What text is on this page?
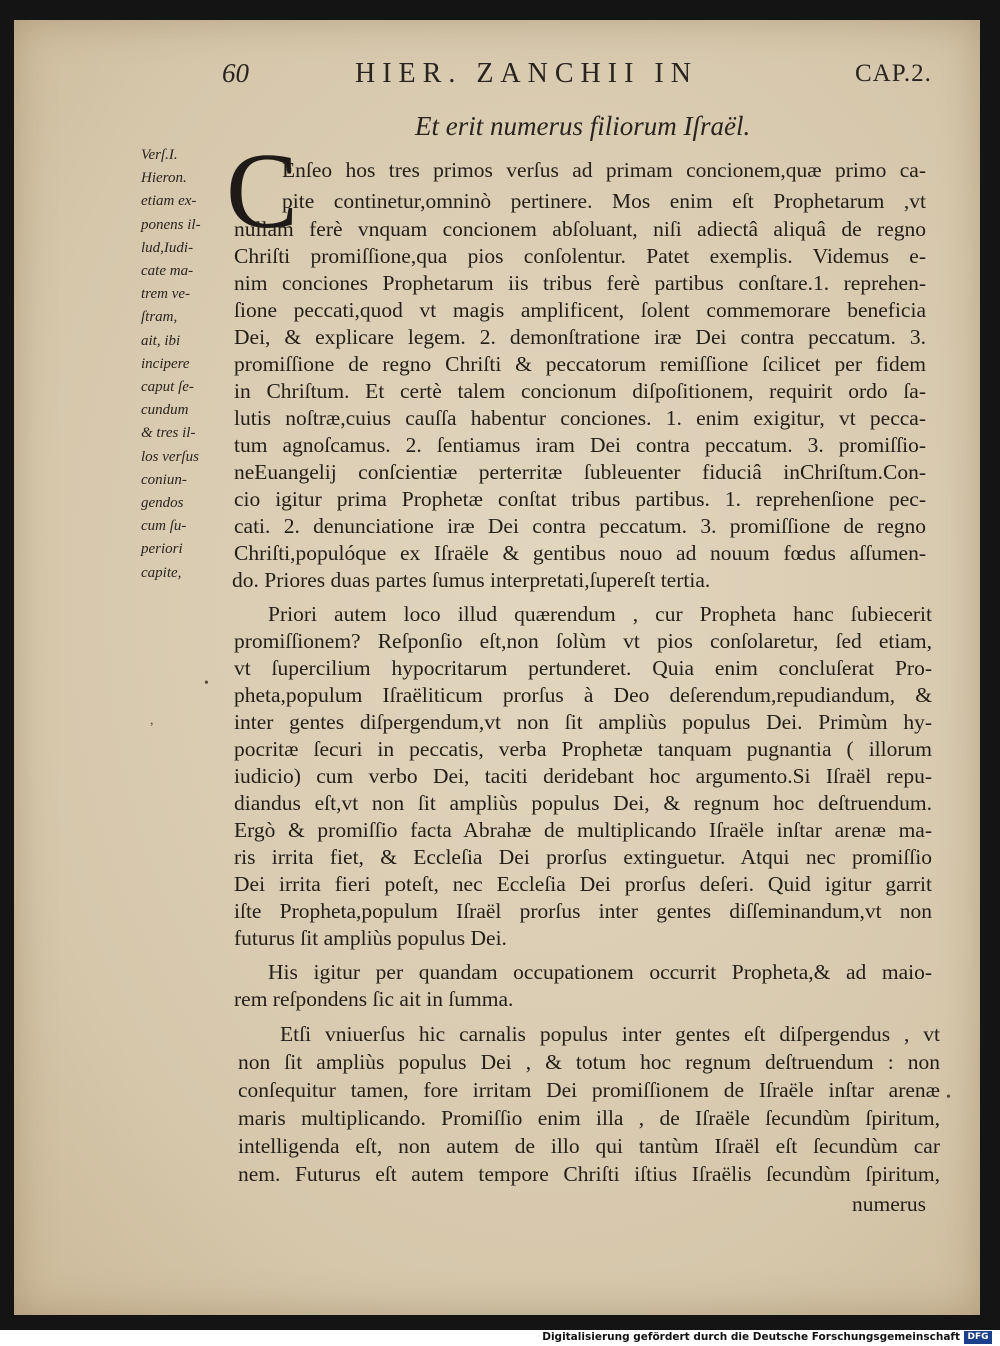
60	HIER. ZANCHII IN	CAP.2.
Et erit numerus filiorum Iſraël.
Verſ.I.
Hieron.
etiam ex-
ponens il-
lud,Iudi-
cate ma-
trem ve-
ſtram,
ait, ibi
incipere
caput ſe-
cundum
& tres il-
los verſus
coniun-
gendos
cum ſu-
periori
capite,
C
Enſeo hos tres primos verſus ad primam concionem,quæ primo ca-
pite continetur,omninò pertinere. Mos enim eſt Prophetarum ,vt
nullam ferè vnquam concionem abſoluant, niſi adiectâ aliquâ de regno
Chriſti promiſſione,qua pios conſolentur. Patet exemplis. Videmus e-
nim conciones Prophetarum iis tribus ferè partibus conſtare.1. reprehen-
ſione peccati,quod vt magis amplificent, ſolent commemorare beneficia
Dei, & explicare legem. 2. demonſtratione iræ Dei contra peccatum. 3.
promiſſione de regno Chriſti & peccatorum remiſſione ſcilicet per fidem
in Chriſtum. Et certè talem concionum diſpoſitionem, requirit ordo ſa-
lutis noſtræ,cuius cauſſa habentur conciones. 1. enim exigitur, vt pecca-
tum agnoſcamus. 2. ſentiamus iram Dei contra peccatum. 3. promiſſio-
neEuangelij conſcientiæ perterritæ ſubleuenter fiduciâ inChriſtum.Con-
cio igitur prima Prophetæ conſtat tribus partibus. 1. reprehenſione pec-
cati. 2. denunciatione iræ Dei contra peccatum. 3. promiſſione de regno
Chriſti,populóque ex Iſraële & gentibus nouo ad nouum fœdus aſſumen-
do. Priores duas partes ſumus interpretati,ſupereſt tertia.
Priori autem loco illud quærendum , cur Propheta hanc ſubiecerit
promiſſionem? Reſponſio eſt,non ſolùm vt pios conſolaretur, ſed etiam,
vt ſupercilium hypocritarum pertunderet. Quia enim concluſerat Pro-
pheta,populum Iſraëliticum prorſus à Deo deſerendum,repudiandum, &
inter gentes diſpergendum,vt non ſit ampliùs populus Dei. Primùm hy-
pocritæ ſecuri in peccatis, verba Prophetæ tanquam pugnantia ( illorum
iudicio) cum verbo Dei, taciti deridebant hoc argumento.Si Iſraël repu-
diandus eſt,vt non ſit ampliùs populus Dei, & regnum hoc deſtruendum.
Ergò & promiſſio facta Abrahæ de multiplicando Iſraële inſtar arenæ ma-
ris irrita fiet, & Eccleſia Dei prorſus extinguetur. Atqui nec promiſſio
Dei irrita fieri poteſt, nec Eccleſia Dei prorſus deſeri. Quid igitur garrit
iſte Propheta,populum Iſraël prorſus inter gentes diſſeminandum,vt non
futurus ſit ampliùs populus Dei.
His igitur per quandam occupationem occurrit Propheta,& ad maio-
rem reſpondens ſic ait in ſumma.
Etſi vniuerſus hic carnalis populus inter gentes eſt diſpergendus , vt
non ſit ampliùs populus Dei , & totum hoc regnum deſtruendum : non
conſequitur tamen, fore irritam Dei promiſſionem de Iſraële inſtar arenæ
maris multiplicando. Promiſſio enim illa , de Iſraële ſecundùm ſpiritum,
intelligenda eſt, non autem de illo qui tantùm Iſraël eſt ſecundùm car
nem. Futurus eſt autem tempore Chriſti iſtius Iſraëlis ſecundùm ſpiritum,
numerus
•
,
•
Digitalisierung gefördert durch die Deutsche Forschungsgemeinschaft DFG
